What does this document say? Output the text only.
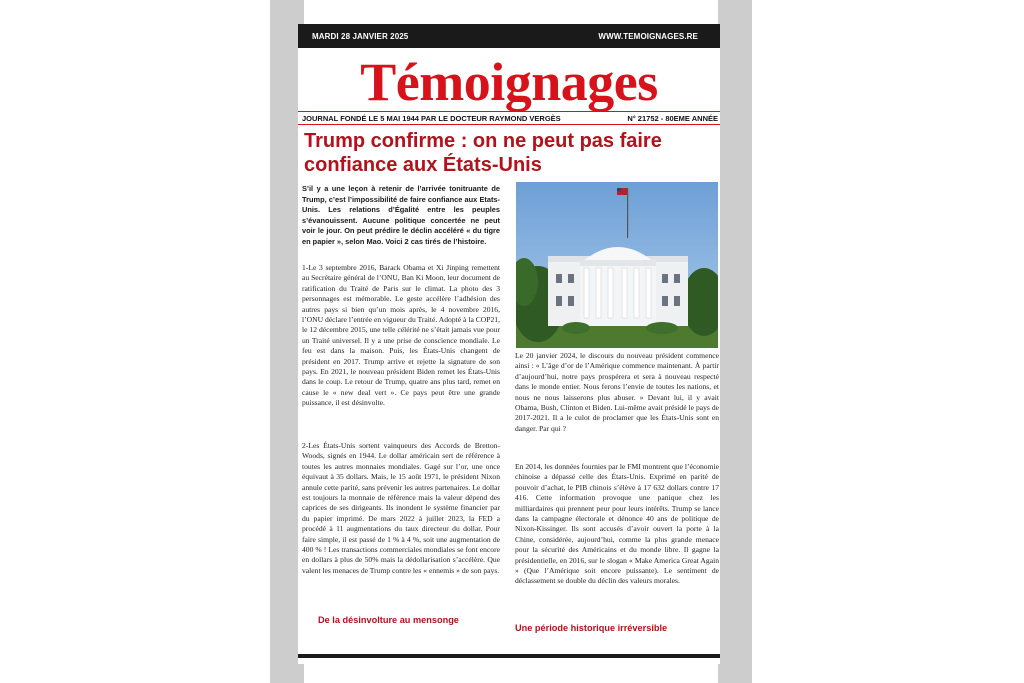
MARDI 28 JANVIER 2025	WWW.TEMOIGNAGES.RE
Témoignages
JOURNAL FONDÉ LE 5 MAI 1944 PAR LE DOCTEUR RAYMOND VERGÈS	N° 21752 - 80EME ANNÉE
Trump confirme : on ne peut pas faire confiance aux États-Unis
S’il y a une leçon à retenir de l’arrivée tonitruante de Trump, c’est l’impossibilité de faire confiance aux Etats-Unis. Les relations d’Égalité entre les peuples s’évanouissent. Aucune politique concertée ne peut voir le jour. On peut prédire le déclin accéléré « du tigre en papier », selon Mao. Voici 2 cas tirés de l’histoire.

1-Le 3 septembre 2016, Barack Obama et Xi Jinping remettent au Secrétaire général de l’ONU, Ban Ki Moon, leur document de ratification du Traité de Paris sur le climat. La photo des 3 personnages est mémorable. Le geste accélère l’adhésion des autres pays si bien qu’un mois après, le 4 novembre 2016, l’ONU déclare l’entrée en vigueur du Traité. Adopté à la COP21, le 12 décembre 2015, une telle célérité ne s’était jamais vue pour un Traité universel. Il y a une prise de conscience mondiale. Le feu est dans la maison. Puis, les États-Unis changent de président en 2017. Trump arrive et rejette la signature de son pays. En 2021, le nouveau président Biden remet les États-Unis dans le coup. Le retour de Trump, quatre ans plus tard, remet en cause le « new deal vert ». Ce pays peut être une grande puissance, il est désinvolte.

2-Les États-Unis sortent vainqueurs des Accords de Bretton-Woods, signés en 1944. Le dollar américain sert de référence à toutes les autres monnaies mondiales. Gagé sur l’or, une once équivaut à 35 dollars. Mais, le 15 août 1971, le président Nixon annule cette parité, sans prévenir les autres partenaires. Le dollar est toujours la monnaie de référence mais la valeur dépend des caprices de ses dirigeants. Ils inondent le système financier par du papier imprimé. De mars 2022 à juillet 2023, la FED a procédé à 11 augmentations du taux directeur du dollar. Pour faire simple, il est passé de 1 % à 4 %, soit une augmentation de 400 % ! Les transactions commerciales mondiales se font encore en dollars à plus de 50% mais la dédollarisation s’accélère. Que valent les menaces de Trump contre les « ennemis » de son pays.

De la désinvolture au mensonge

Le 20 janvier 2024, le discours du nouveau président commence ainsi : « L’âge d’or de l’Amérique commence maintenant. À partir d’aujourd’hui, notre pays prospérera et sera à nouveau respecté dans le monde entier. Nous ferons l’envie de toutes les nations, et nous ne nous laisserons plus abuser. » Devant lui, il y avait Obama, Bush, Clinton et Biden. Lui-même avait présidé le pays de 2017-2021. Il a le culot de proclamer que les États-Unis sont en danger. Par qui ?

En 2014, les données fournies par le FMI montrent que l’économie chinoise a dépassé celle des États-Unis. Exprimé en parité de pouvoir d’achat, le PIB chinois s’élève à 17 632 dollars contre 17 416. Cette information provoque une panique chez les milliardaires qui prennent peur pour leurs intérêts. Trump se lance dans la campagne électorale et dénonce 40 ans de politique de Nixon-Kissinger. Ils sont accusés d’avoir ouvert la porte à la Chine, considérée, aujourd’hui, comme la plus grande menace pour la sécurité des Américains et du monde libre. Il gagne la présidentielle, en 2016, sur le slogan « Make America Great Again » (Que l’Amérique soit encore puissante). Le sentiment de déclassement se double du déclin des valeurs morales.

Une période historique irréversible
